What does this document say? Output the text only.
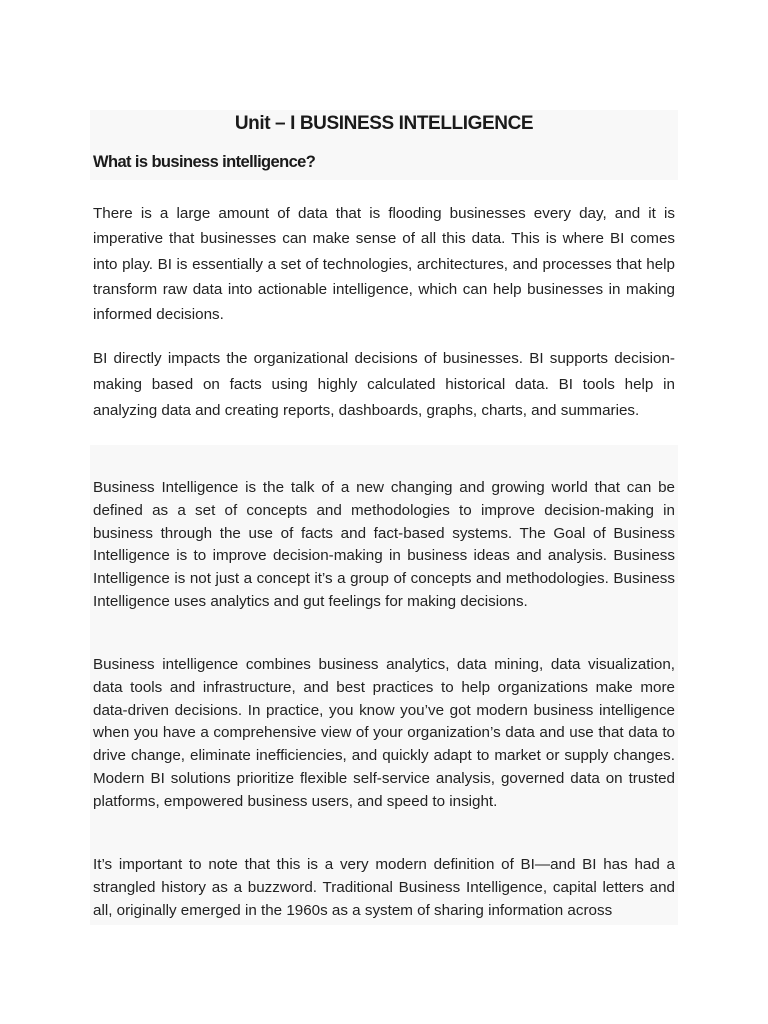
Unit – I BUSINESS INTELLIGENCE
What is business intelligence?

There is a large amount of data that is flooding businesses every day, and it is imperative that businesses can make sense of all this data. This is where BI comes into play. BI is essentially a set of technologies, architectures, and processes that help transform raw data into actionable intelligence, which can help businesses in making informed decisions.

BI directly impacts the organizational decisions of businesses. BI supports decision-making based on facts using highly calculated historical data. BI tools help in analyzing data and creating reports, dashboards, graphs, charts, and summaries.

Business Intelligence is the talk of a new changing and growing world that can be defined as a set of concepts and methodologies to improve decision-making in business through the use of facts and fact-based systems. The Goal of Business Intelligence is to improve decision-making in business ideas and analysis. Business Intelligence is not just a concept it’s a group of concepts and methodologies. Business Intelligence uses analytics and gut feelings for making decisions.

Business intelligence combines business analytics, data mining, data visualization, data tools and infrastructure, and best practices to help organizations make more data-driven decisions. In practice, you know you’ve got modern business intelligence when you have a comprehensive view of your organization’s data and use that data to drive change, eliminate inefficiencies, and quickly adapt to market or supply changes. Modern BI solutions prioritize flexible self-service analysis, governed data on trusted platforms, empowered business users, and speed to insight.

It’s important to note that this is a very modern definition of BI—and BI has had a strangled history as a buzzword. Traditional Business Intelligence, capital letters and all, originally emerged in the 1960s as a system of sharing information across
